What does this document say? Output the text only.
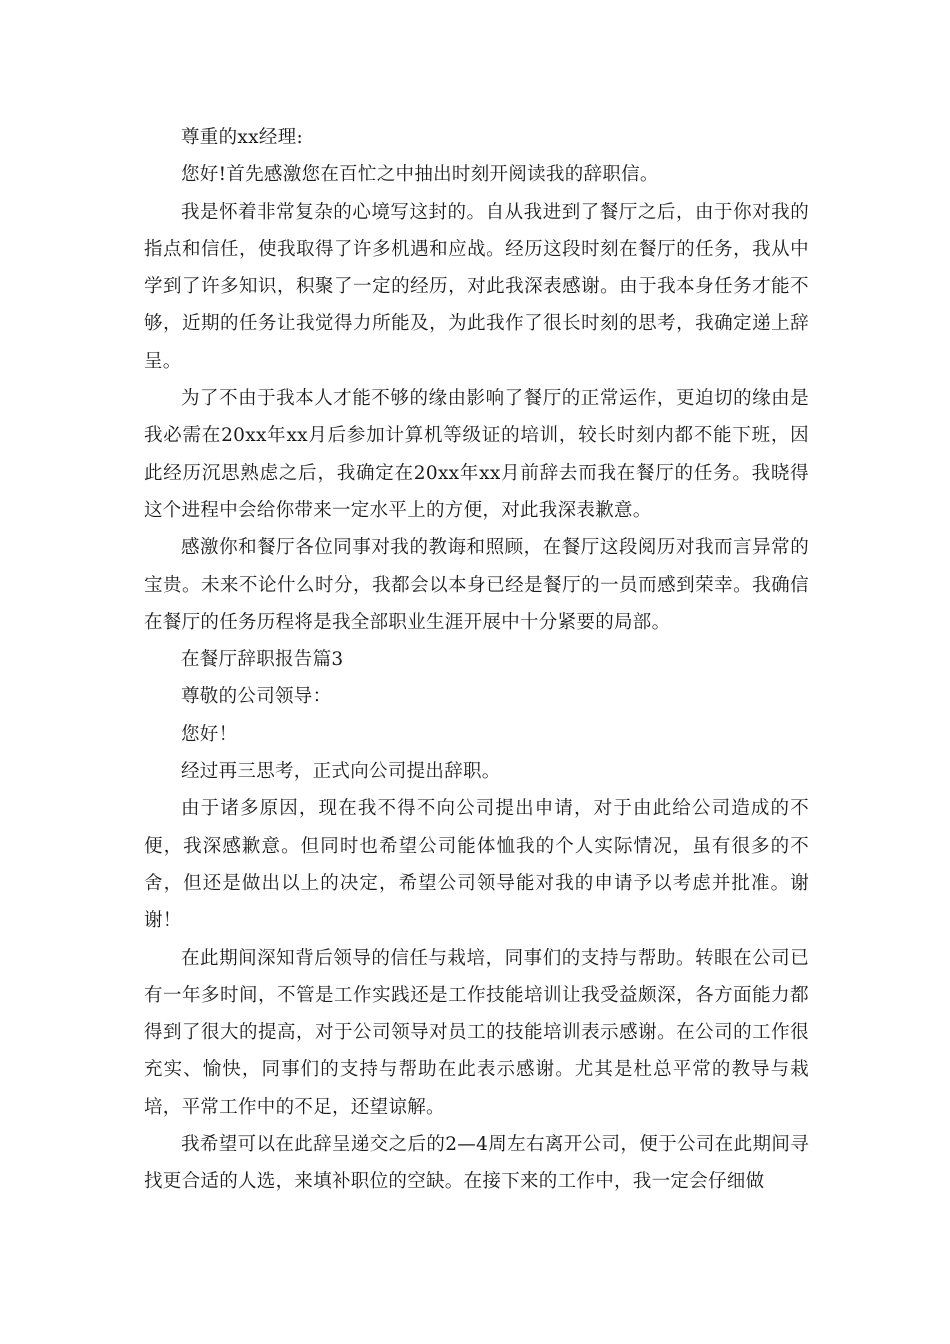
尊重的xx经理:

您好!首先感激您在百忙之中抽出时刻开阅读我的辞职信。

我是怀着非常复杂的心境写这封的。自从我进到了餐厅之后，由于你对我的指点和信任，使我取得了许多机遇和应战。经历这段时刻在餐厅的任务，我从中学到了许多知识，积聚了一定的经历，对此我深表感谢。由于我本身任务才能不够，近期的任务让我觉得力所能及，为此我作了很长时刻的思考，我确定递上辞呈。

为了不由于我本人才能不够的缘由影响了餐厅的正常运作，更迫切的缘由是我必需在20xx年xx月后参加计算机等级证的培训，较长时刻内都不能下班，因此经历沉思熟虑之后，我确定在20xx年xx月前辞去而我在餐厅的任务。我晓得这个进程中会给你带来一定水平上的方便，对此我深表歉意。

感激你和餐厅各位同事对我的教诲和照顾，在餐厅这段阅历对我而言异常的宝贵。未来不论什么时分，我都会以本身已经是餐厅的一员而感到荣幸。我确信在餐厅的任务历程将是我全部职业生涯开展中十分紧要的局部。

在餐厅辞职报告篇3

尊敬的公司领导：

您好！

经过再三思考，正式向公司提出辞职。

由于诸多原因，现在我不得不向公司提出申请，对于由此给公司造成的不便，我深感歉意。但同时也希望公司能体恤我的个人实际情况，虽有很多的不舍，但还是做出以上的决定，希望公司领导能对我的申请予以考虑并批准。谢谢！

在此期间深知背后领导的信任与栽培，同事们的支持与帮助。转眼在公司已有一年多时间，不管是工作实践还是工作技能培训让我受益颇深，各方面能力都得到了很大的提高，对于公司领导对员工的技能培训表示感谢。在公司的工作很充实、愉快，同事们的支持与帮助在此表示感谢。尤其是杜总平常的教导与栽培，平常工作中的不足，还望谅解。

我希望可以在此辞呈递交之后的2—4周左右离开公司，便于公司在此期间寻找更合适的人选，来填补职位的空缺。在接下来的工作中，我一定会仔细做
